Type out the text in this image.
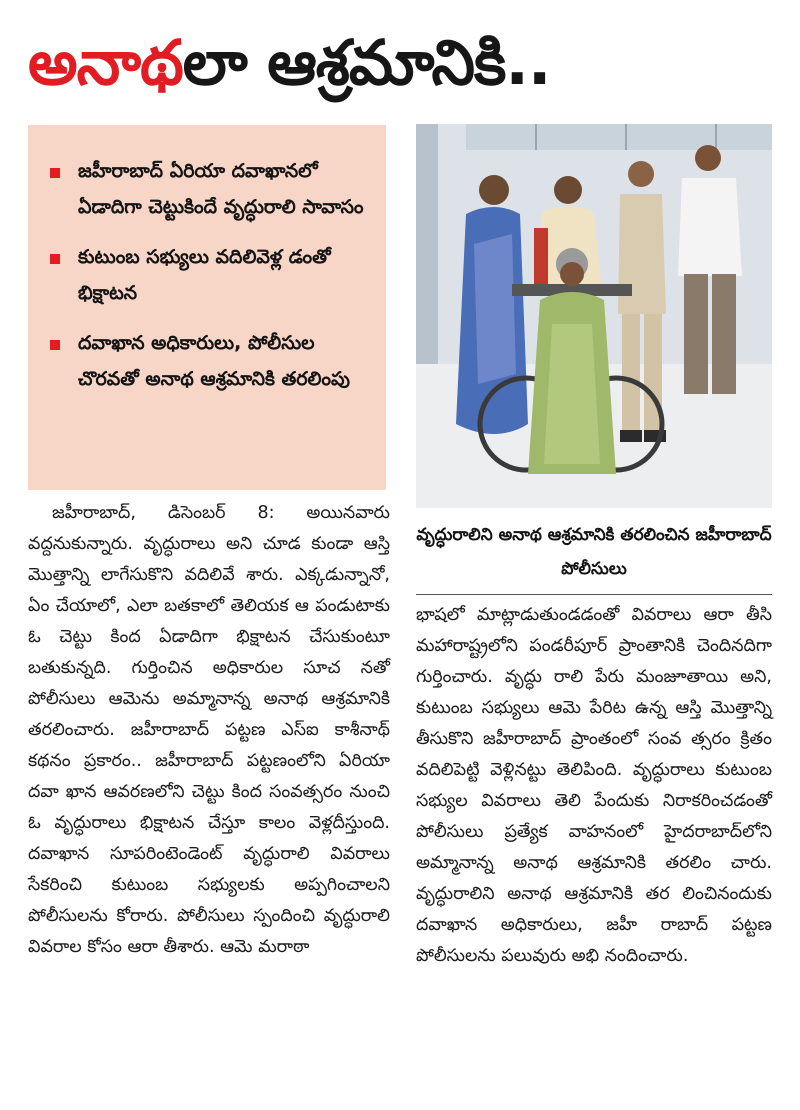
అనాథలా ఆశ్రమానికి..
జహీరాబాద్ ఏరియా దవాఖానలో ఏడాదిగా చెట్టుకిందే వృద్ధురాలి సావాసం
కుటుంబ సభ్యులు వదిలివెళ్ల డంతో భిక్షాటన
దవాఖాన అధికారులు, పోలీసుల చొరవతో అనాథ ఆశ్రమానికి తరలింపు
వృద్ధురాలిని అనాథ ఆశ్రమానికి తరలించిన జహీరాబాద్ పోలీసులు

జహీరాబాద్, డిసెంబర్ 8: అయినవారు వద్దనుకున్నారు. వృద్ధురాలు అని చూడ కుండా ఆస్తి మొత్తాన్ని లాగేసుకొని వదిలివే శారు. ఎక్కడున్నానో, ఏం చేయాలో, ఎలా బతకాలో తెలియక ఆ పండుటాకు ఓ చెట్టు కింద ఏడాదిగా భిక్షాటన చేసుకుంటూ బతుకున్నది. గుర్తించిన అధికారుల సూచ నతో పోలీసులు ఆమెను అమ్మానాన్న అనాథ ఆశ్రమానికి తరలించారు. జహీరాబాద్ పట్టణ ఎస్ఐ కాశీనాథ్ కథనం ప్రకారం.. జహీరాబాద్ పట్టణంలోని ఏరియా దవా ఖాన ఆవరణలోని చెట్టు కింద సంవత్సరం నుంచి ఓ వృద్ధురాలు భిక్షాటన చేస్తూ కాలం వెళ్లదీస్తుంది. దవాఖాన సూపరింటెండెంట్ వృద్ధురాలి వివరాలు సేకరించి కుటుంబ సభ్యులకు అప్పగించాలని పోలీసులను కోరారు. పోలీసులు స్పందించి వృద్ధురాలి వివరాల కోసం ఆరా తీశారు. ఆమె మరాఠా

భాషలో మాట్లాడుతుండడంతో వివరాలు ఆరా తీసి మహారాష్ట్రలోని పండరీపూర్ ప్రాంతానికి చెందినదిగా గుర్తించారు. వృద్ధు రాలి పేరు మంజూతాయి అని, కుటుంబ సభ్యులు ఆమె పేరిట ఉన్న ఆస్తి మొత్తాన్ని తీసుకొని జహీరాబాద్ ప్రాంతంలో సంవ త్సరం క్రితం వదిలిపెట్టి వెళ్లినట్టు తెలిపింది. వృద్ధురాలు కుటుంబ సభ్యుల వివరాలు తెలి పేందుకు నిరాకరించడంతో పోలీసులు ప్రత్యేక వాహనంలో హైదరాబాద్‌లోని అమ్మానాన్న అనాథ ఆశ్రమానికి తరలిం చారు. వృద్ధురాలిని అనాథ ఆశ్రమానికి తర లించినందుకు దవాఖాన అధికారులు, జహీ రాబాద్ పట్టణ పోలీసులను పలువురు అభి నందించారు.
